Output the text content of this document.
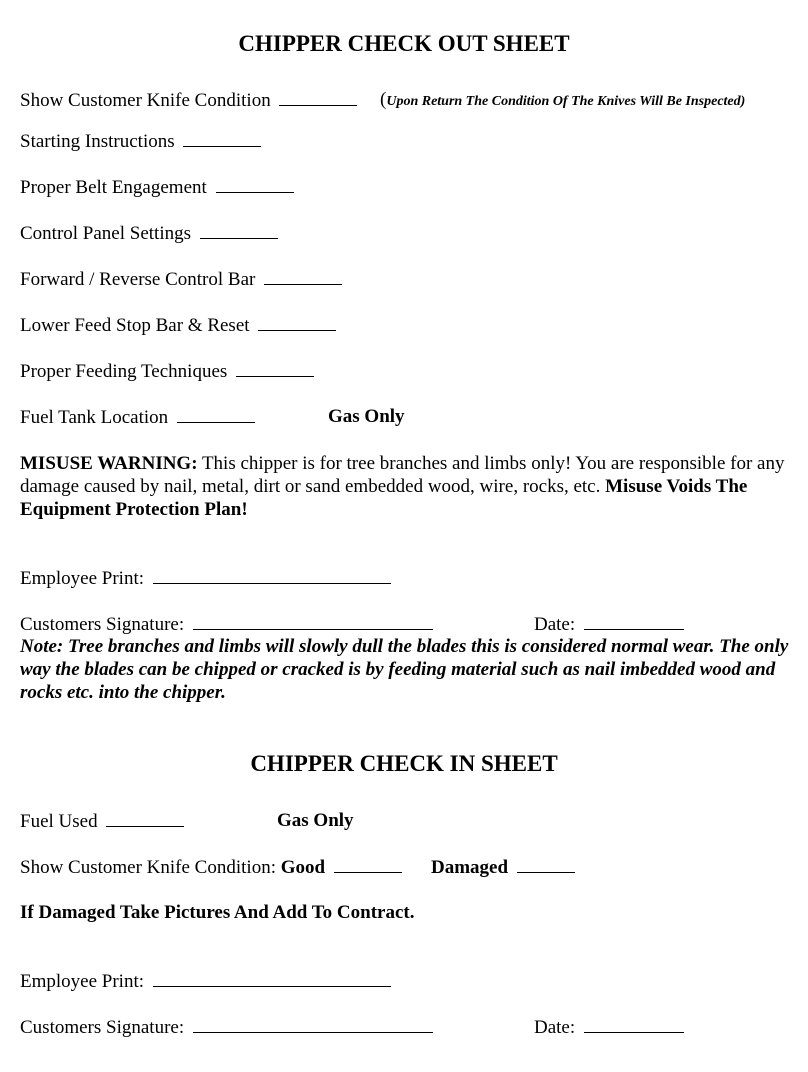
CHIPPER CHECK OUT SHEET
Show Customer Knife Condition	(Upon Return The Condition Of The Knives Will Be Inspected)
Starting Instructions
Proper Belt Engagement
Control Panel Settings
Forward / Reverse Control Bar
Lower Feed Stop Bar & Reset
Proper Feeding Techniques
Fuel Tank Location	Gas Only
MISUSE WARNING: This chipper is for tree branches and limbs only! You are responsible for any damage caused by nail, metal, dirt or sand embedded wood, wire, rocks, etc. Misuse Voids The Equipment Protection Plan!
Employee Print:
Customers Signature:	Date:
Note: Tree branches and limbs will slowly dull the blades this is considered normal wear. The only way the blades can be chipped or cracked is by feeding material such as nail imbedded wood and rocks etc. into the chipper.
CHIPPER CHECK IN SHEET
Fuel Used	Gas Only
Show Customer Knife Condition: Good	Damaged
If Damaged Take Pictures And Add To Contract.
Employee Print:
Customers Signature:	Date:
